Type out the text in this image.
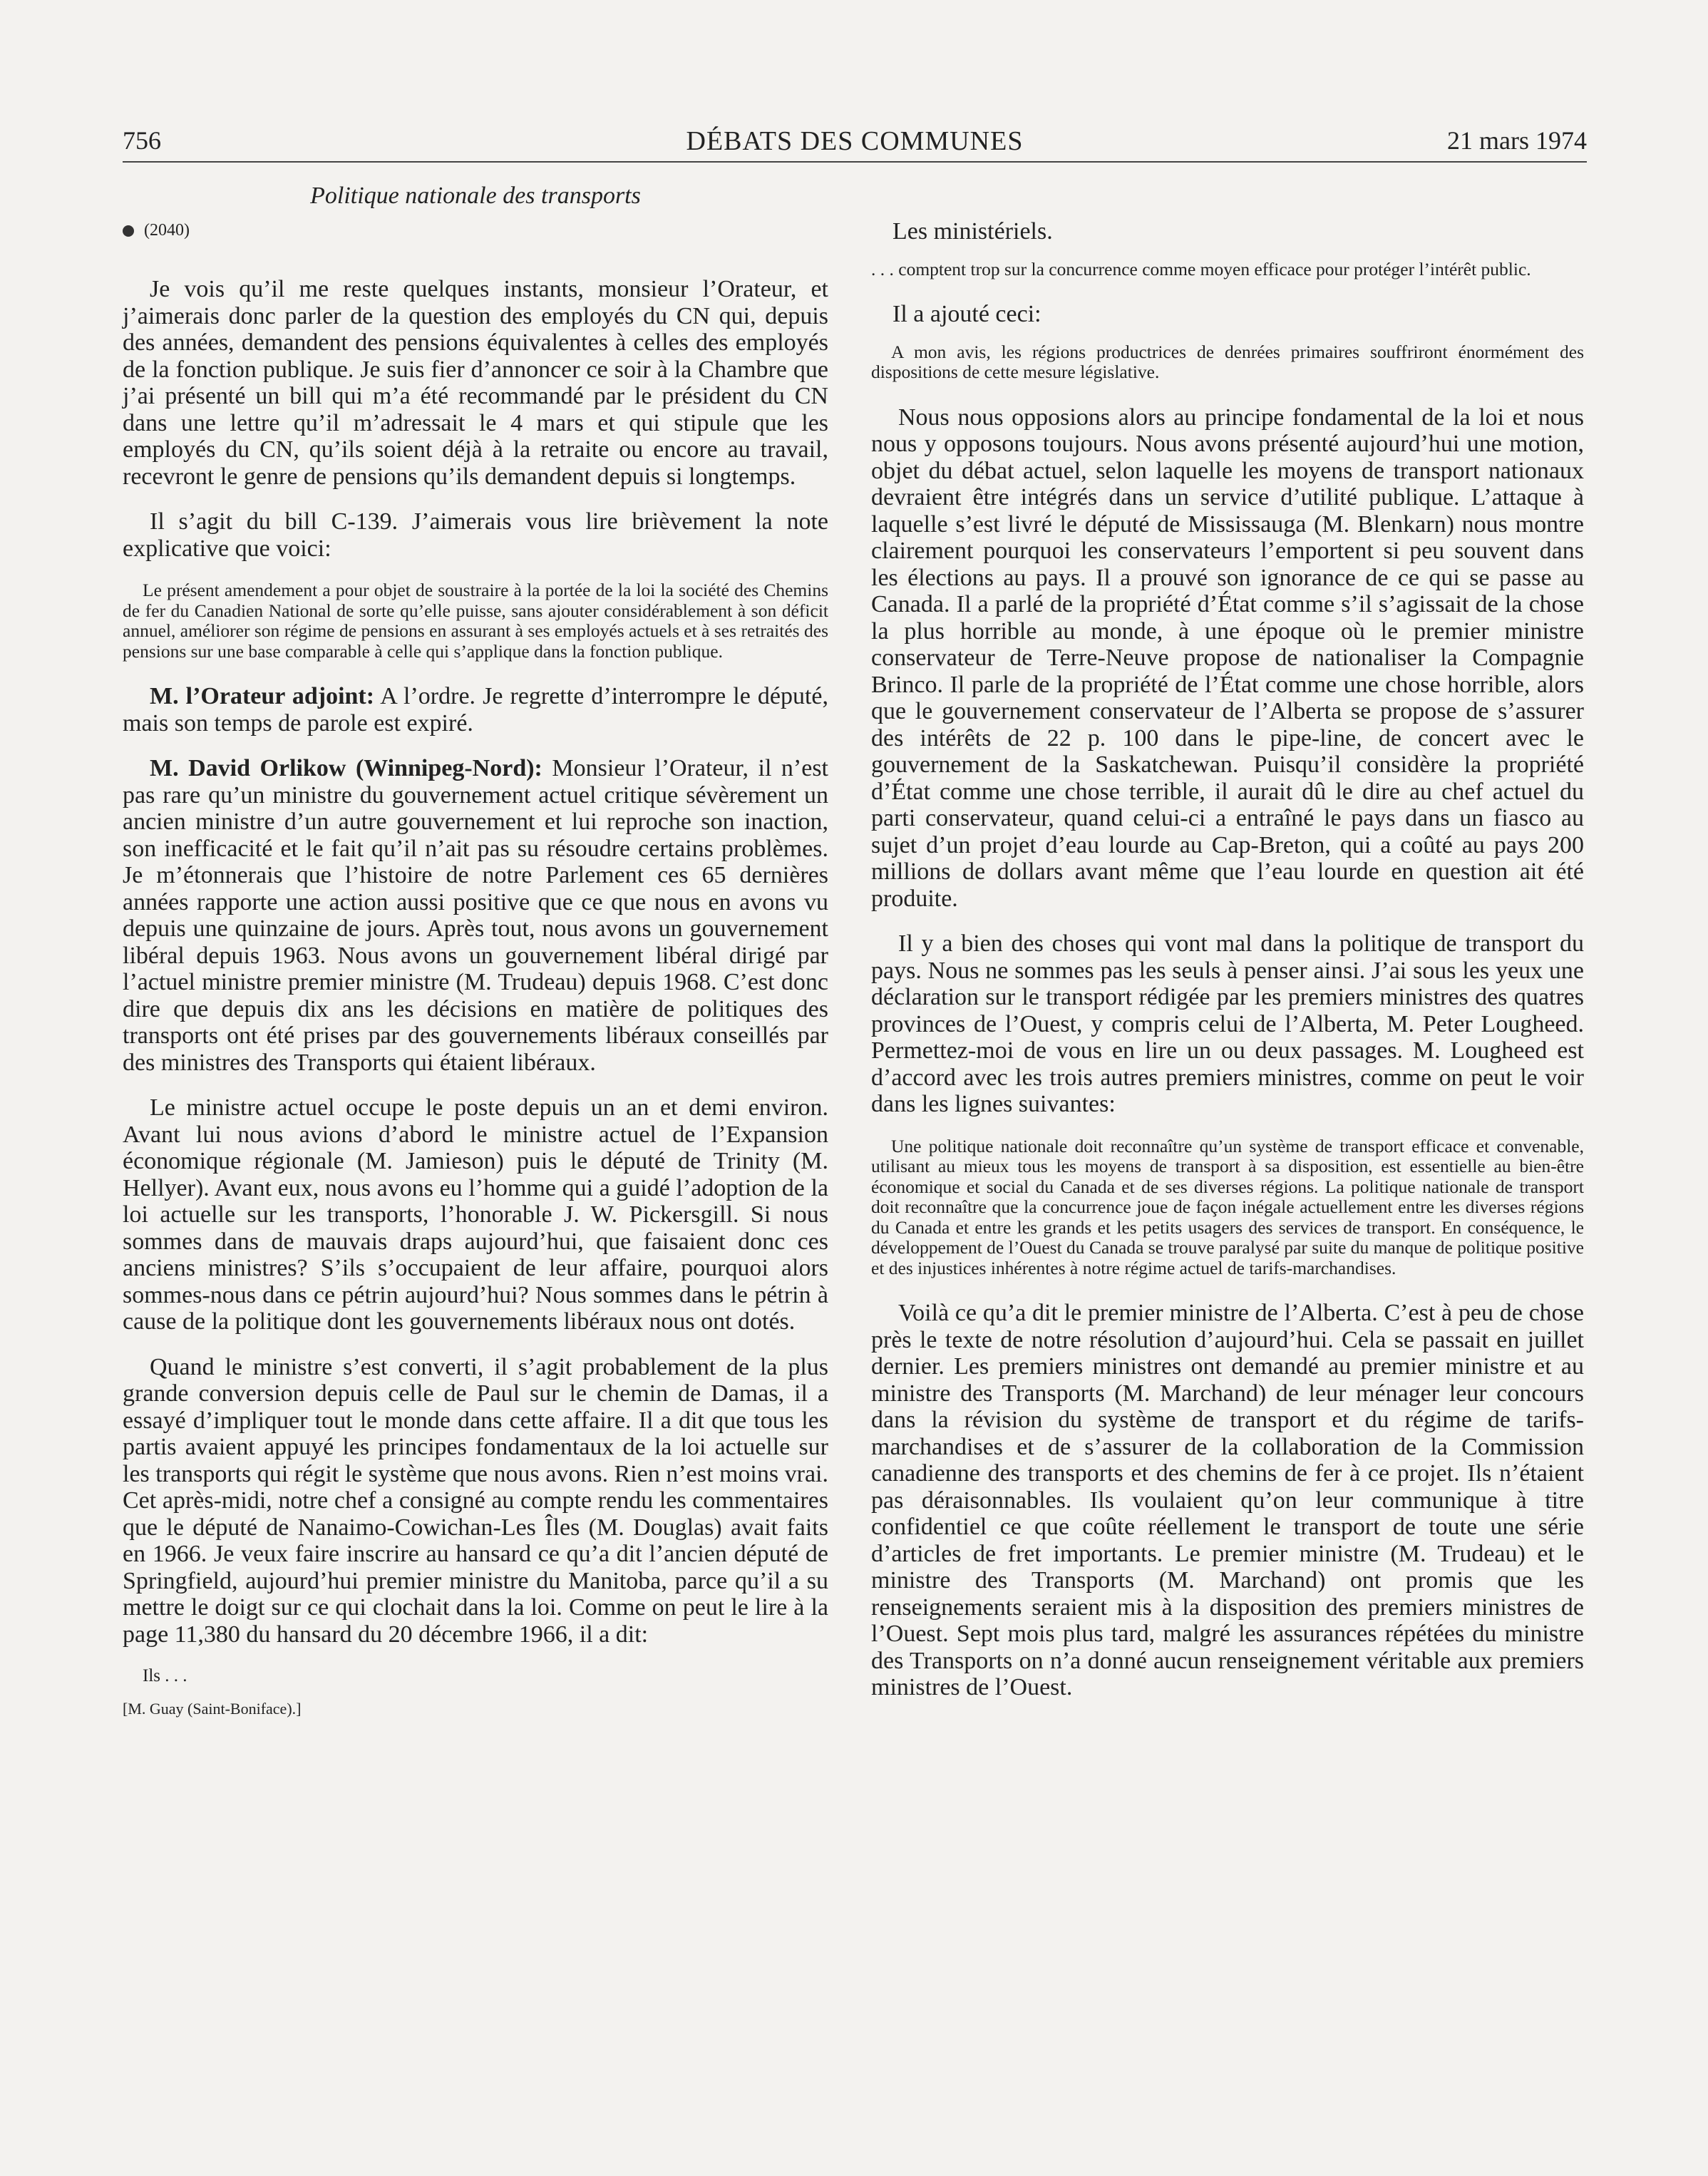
DÉBATS DES COMMUNES
756	21 mars 1974
Politique nationale des transports
(2040)

Je vois qu’il me reste quelques instants, monsieur l’Orateur, et j’aimerais donc parler de la question des employés du CN qui, depuis des années, demandent des pensions équivalentes à celles des employés de la fonction publique. Je suis fier d’annoncer ce soir à la Chambre que j’ai présenté un bill qui m’a été recommandé par le président du CN dans une lettre qu’il m’adressait le 4 mars et qui stipule que les employés du CN, qu’ils soient déjà à la retraite ou encore au travail, recevront le genre de pensions qu’ils demandent depuis si longtemps.

Il s’agit du bill C-139. J’aimerais vous lire brièvement la note explicative que voici:

Le présent amendement a pour objet de soustraire à la portée de la loi la société des Chemins de fer du Canadien National de sorte qu’elle puisse, sans ajouter considérablement à son déficit annuel, améliorer son régime de pensions en assurant à ses employés actuels et à ses retraités des pensions sur une base comparable à celle qui s’applique dans la fonction publique.

M. l’Orateur adjoint: A l’ordre. Je regrette d’interrompre le député, mais son temps de parole est expiré.

M. David Orlikow (Winnipeg-Nord): Monsieur l’Orateur, il n’est pas rare qu’un ministre du gouvernement actuel critique sévèrement un ancien ministre d’un autre gouvernement et lui reproche son inaction, son inefficacité et le fait qu’il n’ait pas su résoudre certains problèmes. Je m’étonnerais que l’histoire de notre Parlement ces 65 dernières années rapporte une action aussi positive que ce que nous en avons vu depuis une quinzaine de jours. Après tout, nous avons un gouvernement libéral depuis 1963. Nous avons un gouvernement libéral dirigé par l’actuel ministre premier ministre (M. Trudeau) depuis 1968. C’est donc dire que depuis dix ans les décisions en matière de politiques des transports ont été prises par des gouvernements libéraux conseillés par des ministres des Transports qui étaient libéraux.

Le ministre actuel occupe le poste depuis un an et demi environ. Avant lui nous avions d’abord le ministre actuel de l’Expansion économique régionale (M. Jamieson) puis le député de Trinity (M. Hellyer). Avant eux, nous avons eu l’homme qui a guidé l’adoption de la loi actuelle sur les transports, l’honorable J. W. Pickersgill. Si nous sommes dans de mauvais draps aujourd’hui, que faisaient donc ces anciens ministres? S’ils s’occupaient de leur affaire, pourquoi alors sommes-nous dans ce pétrin aujourd’hui? Nous sommes dans le pétrin à cause de la politique dont les gouvernements libéraux nous ont dotés.

Quand le ministre s’est converti, il s’agit probablement de la plus grande conversion depuis celle de Paul sur le chemin de Damas, il a essayé d’impliquer tout le monde dans cette affaire. Il a dit que tous les partis avaient appuyé les principes fondamentaux de la loi actuelle sur les transports qui régit le système que nous avons. Rien n’est moins vrai. Cet après-midi, notre chef a consigné au compte rendu les commentaires que le député de Nanaimo-Cowichan-Les Îles (M. Douglas) avait faits en 1966. Je veux faire inscrire au hansard ce qu’a dit l’ancien député de Springfield, aujourd’hui premier ministre du Manitoba, parce qu’il a su mettre le doigt sur ce qui clochait dans la loi. Comme on peut le lire à la page 11,380 du hansard du 20 décembre 1966, il a dit:

Ils . . .

[M. Guay (Saint-Boniface).]

Les ministériels.

. . . comptent trop sur la concurrence comme moyen efficace pour protéger l’intérêt public.

Il a ajouté ceci:

A mon avis, les régions productrices de denrées primaires souffriront énormément des dispositions de cette mesure législative.

Nous nous opposions alors au principe fondamental de la loi et nous nous y opposons toujours. Nous avons présenté aujourd’hui une motion, objet du débat actuel, selon laquelle les moyens de transport nationaux devraient être intégrés dans un service d’utilité publique. L’attaque à laquelle s’est livré le député de Mississauga (M. Blenkarn) nous montre clairement pourquoi les conservateurs l’emportent si peu souvent dans les élections au pays. Il a prouvé son ignorance de ce qui se passe au Canada. Il a parlé de la propriété d’État comme s’il s’agissait de la chose la plus horrible au monde, à une époque où le premier ministre conservateur de Terre-Neuve propose de nationaliser la Compagnie Brinco. Il parle de la propriété de l’État comme une chose horrible, alors que le gouvernement conservateur de l’Alberta se propose de s’assurer des intérêts de 22 p. 100 dans le pipe-line, de concert avec le gouvernement de la Saskatchewan. Puisqu’il considère la propriété d’État comme une chose terrible, il aurait dû le dire au chef actuel du parti conservateur, quand celui-ci a entraîné le pays dans un fiasco au sujet d’un projet d’eau lourde au Cap-Breton, qui a coûté au pays 200 millions de dollars avant même que l’eau lourde en question ait été produite.

Il y a bien des choses qui vont mal dans la politique de transport du pays. Nous ne sommes pas les seuls à penser ainsi. J’ai sous les yeux une déclaration sur le transport rédigée par les premiers ministres des quatres provinces de l’Ouest, y compris celui de l’Alberta, M. Peter Lougheed. Permettez-moi de vous en lire un ou deux passages. M. Lougheed est d’accord avec les trois autres premiers ministres, comme on peut le voir dans les lignes suivantes:

Une politique nationale doit reconnaître qu’un système de transport efficace et convenable, utilisant au mieux tous les moyens de transport à sa disposition, est essentielle au bien-être économique et social du Canada et de ses diverses régions. La politique nationale de transport doit reconnaître que la concurrence joue de façon inégale actuellement entre les diverses régions du Canada et entre les grands et les petits usagers des services de transport. En conséquence, le développement de l’Ouest du Canada se trouve paralysé par suite du manque de politique positive et des injustices inhérentes à notre régime actuel de tarifs-marchandises.

Voilà ce qu’a dit le premier ministre de l’Alberta. C’est à peu de chose près le texte de notre résolution d’aujourd’hui. Cela se passait en juillet dernier. Les premiers ministres ont demandé au premier ministre et au ministre des Transports (M. Marchand) de leur ménager leur concours dans la révision du système de transport et du régime de tarifs-marchandises et de s’assurer de la collaboration de la Commission canadienne des transports et des chemins de fer à ce projet. Ils n’étaient pas déraisonnables. Ils voulaient qu’on leur communique à titre confidentiel ce que coûte réellement le transport de toute une série d’articles de fret importants. Le premier ministre (M. Trudeau) et le ministre des Transports (M. Marchand) ont promis que les renseignements seraient mis à la disposition des premiers ministres de l’Ouest. Sept mois plus tard, malgré les assurances répétées du ministre des Transports on n’a donné aucun renseignement véritable aux premiers ministres de l’Ouest.
